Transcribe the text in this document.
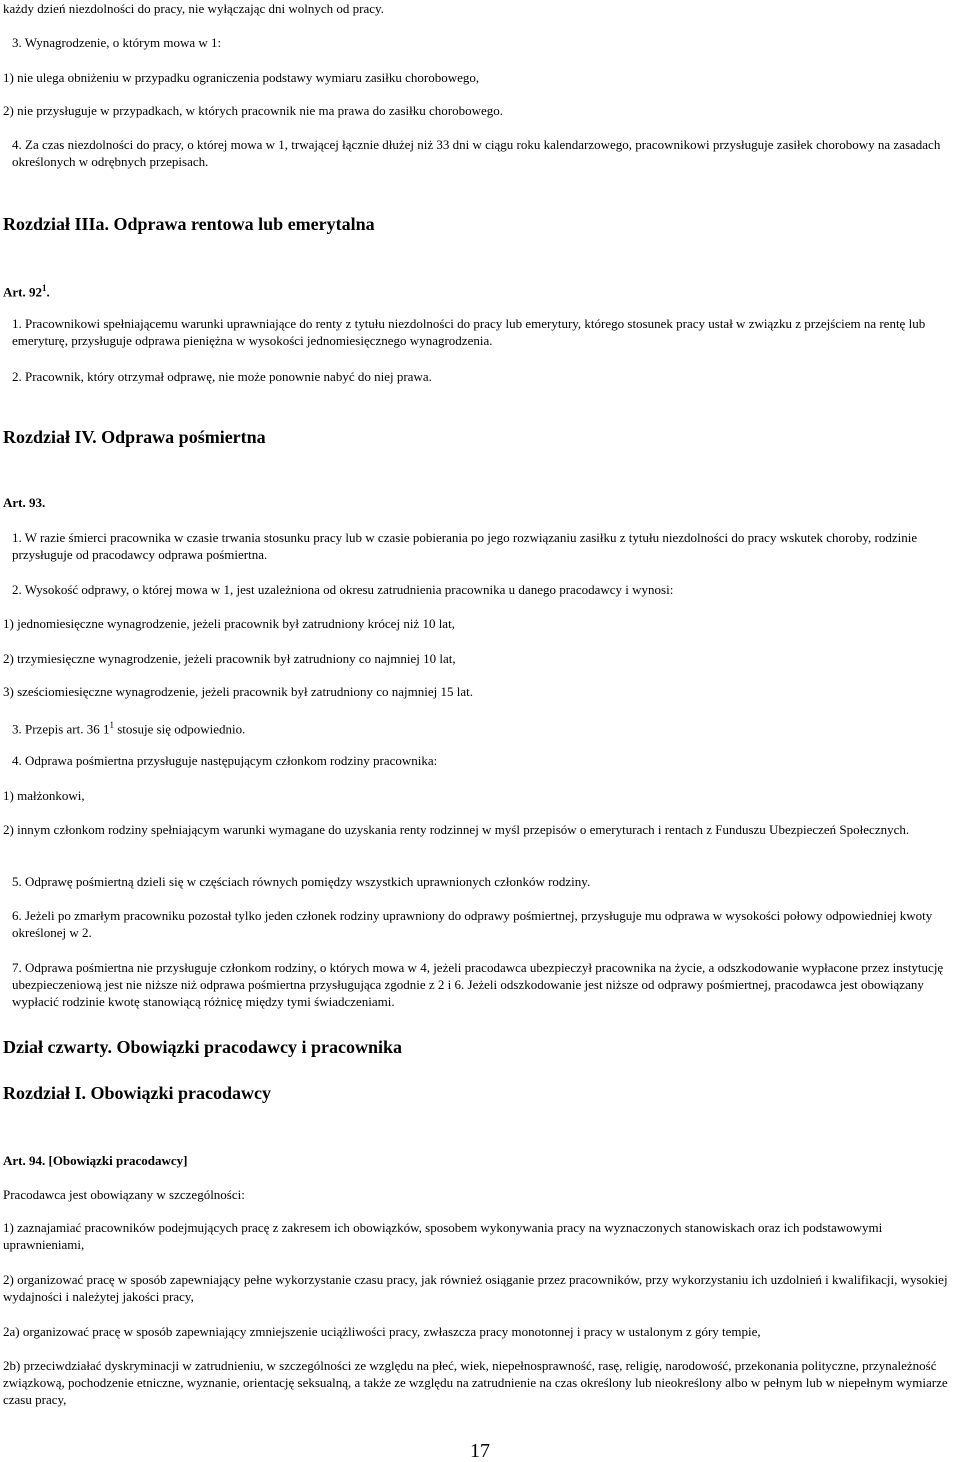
każdy dzień niezdolności do pracy, nie wyłączając dni wolnych od pracy.

3. Wynagrodzenie, o którym mowa w 1:

1) nie ulega obniżeniu w przypadku ograniczenia podstawy wymiaru zasiłku chorobowego,

2) nie przysługuje w przypadkach, w których pracownik nie ma prawa do zasiłku chorobowego.

4. Za czas niezdolności do pracy, o której mowa w 1, trwającej łącznie dłużej niż 33 dni w ciągu roku kalendarzowego, pracownikowi przysługuje zasiłek chorobowy na zasadach określonych w odrębnych przepisach.

Rozdział IIIa. Odprawa rentowa lub emerytalna

Art. $92^1$.

1. Pracownikowi spełniającemu warunki uprawniające do renty z tytułu niezdolności do pracy lub emerytury, którego stosunek pracy ustał w związku z przejściem na rentę lub emeryturę, przysługuje odprawa pieniężna w wysokości jednomiesięcznego wynagrodzenia.

2. Pracownik, który otrzymał odprawę, nie może ponownie nabyć do niej prawa.

Rozdział IV. Odprawa pośmiertna

Art. 93.

1. W razie śmierci pracownika w czasie trwania stosunku pracy lub w czasie pobierania po jego rozwiązaniu zasiłku z tytułu niezdolności do pracy wskutek choroby, rodzinie przysługuje od pracodawcy odprawa pośmiertna.

2. Wysokość odprawy, o której mowa w 1, jest uzależniona od okresu zatrudnienia pracownika u danego pracodawcy i wynosi:

1) jednomiesięczne wynagrodzenie, jeżeli pracownik był zatrudniony krócej niż 10 lat,

2) trzymiesięczne wynagrodzenie, jeżeli pracownik był zatrudniony co najmniej 10 lat,

3) sześciomiesięczne wynagrodzenie, jeżeli pracownik był zatrudniony co najmniej 15 lat.

3. Przepis art. 36 $1^1$ stosuje się odpowiednio.

4. Odprawa pośmiertna przysługuje następującym członkom rodziny pracownika:

1) małżonkowi,

2) innym członkom rodziny spełniającym warunki wymagane do uzyskania renty rodzinnej w myśl przepisów o emeryturach i rentach z Funduszu Ubezpieczeń Społecznych.

5. Odprawę pośmiertną dzieli się w częściach równych pomiędzy wszystkich uprawnionych członków rodziny.

6. Jeżeli po zmarłym pracowniku pozostał tylko jeden członek rodziny uprawniony do odprawy pośmiertnej, przysługuje mu odprawa w wysokości połowy odpowiedniej kwoty określonej w 2.

7. Odprawa pośmiertna nie przysługuje członkom rodziny, o których mowa w 4, jeżeli pracodawca ubezpieczył pracownika na życie, a odszkodowanie wypłacone przez instytucję ubezpieczeniową jest nie niższe niż odprawa pośmiertna przysługująca zgodnie z 2 i 6. Jeżeli odszkodowanie jest niższe od odprawy pośmiertnej, pracodawca jest obowiązany wypłacić rodzinie kwotę stanowiącą różnicę między tymi świadczeniami.

Dział czwarty. Obowiązki pracodawcy i pracownika
Rozdział I. Obowiązki pracodawcy

Art. 94. [Obowiązki pracodawcy]

Pracodawca jest obowiązany w szczególności:

1) zaznajamiać pracowników podejmujących pracę z zakresem ich obowiązków, sposobem wykonywania pracy na wyznaczonych stanowiskach oraz ich podstawowymi uprawnieniami,

2) organizować pracę w sposób zapewniający pełne wykorzystanie czasu pracy, jak również osiąganie przez pracowników, przy wykorzystaniu ich uzdolnień i kwalifikacji, wysokiej wydajności i należytej jakości pracy,

2a) organizować pracę w sposób zapewniający zmniejszenie uciążliwości pracy, zwłaszcza pracy monotonnej i pracy w ustalonym z góry tempie,

2b) przeciwdziałać dyskryminacji w zatrudnieniu, w szczególności ze względu na płeć, wiek, niepełnosprawność, rasę, religię, narodowość, przekonania polityczne, przynależność związkową, pochodzenie etniczne, wyznanie, orientację seksualną, a także ze względu na zatrudnienie na czas określony lub nieokreślony albo w pełnym lub w niepełnym wymiarze czasu pracy,

17
